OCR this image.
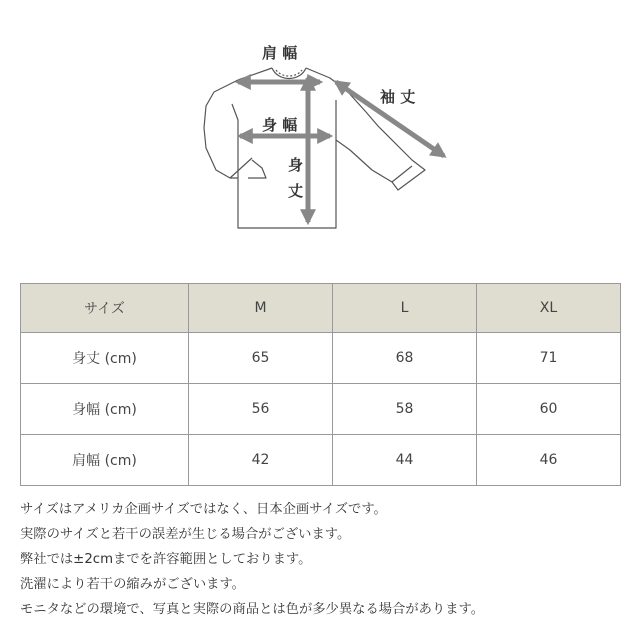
肩 幅
身 幅
袖 丈
身
丈
サイズ	M	L	XL
身丈 (cm)	65	68	71
身幅 (cm)	56	58	60
肩幅 (cm)	42	44	46
サイズはアメリカ企画サイズではなく、日本企画サイズです。
実際のサイズと若干の誤差が生じる場合がございます。
弊社では±2cmまでを許容範囲としております。
洗濯により若干の縮みがございます。
モニタなどの環境で、写真と実際の商品とは色が多少異なる場合があります。
